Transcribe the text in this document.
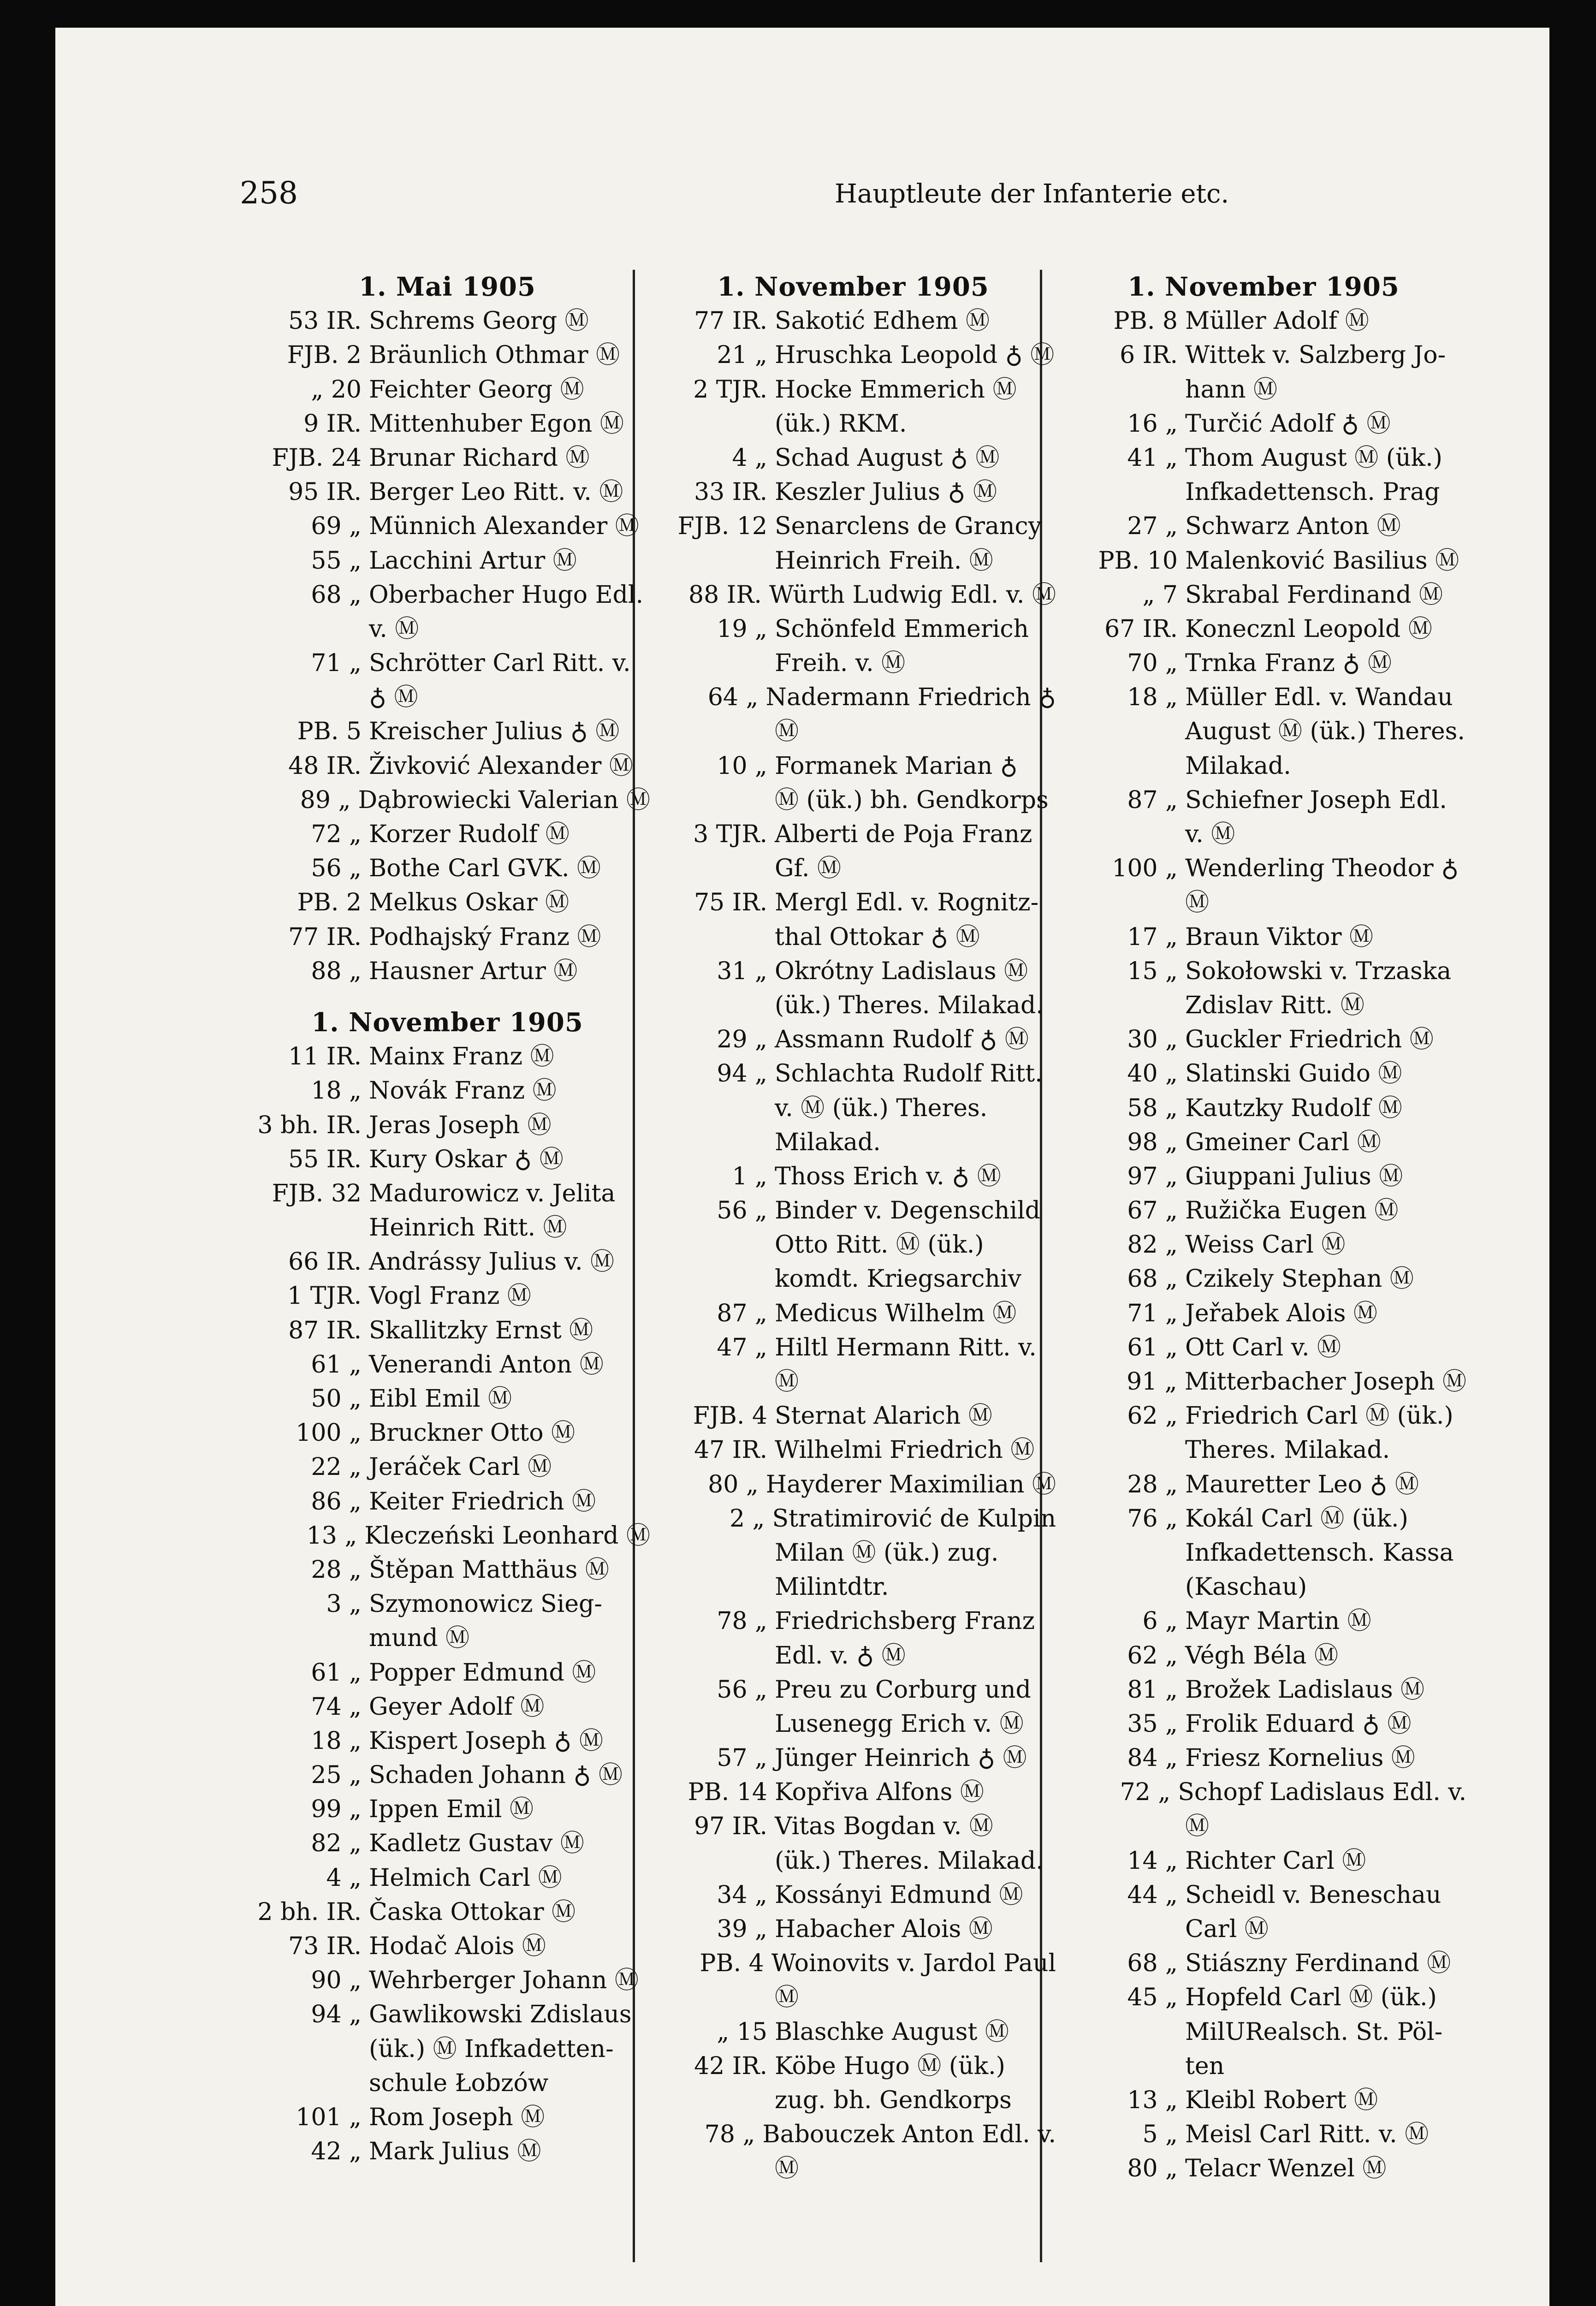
258	Hauptleute der Infanterie etc.
1. Mai 1905
53 IR. Schrems Georg Ⓜ
FJB. 2 Bräunlich Othmar Ⓜ
„ 20 Feichter Georg Ⓜ
9 IR. Mittenhuber Egon Ⓜ
FJB. 24 Brunar Richard Ⓜ
95 IR. Berger Leo Ritt. v. Ⓜ
69 „ Münnich Alexander Ⓜ
55 „ Lacchini Artur Ⓜ
68 „ Oberbacher Hugo Edl.
v. Ⓜ
71 „ Schrötter Carl Ritt. v.
♁ Ⓜ
PB. 5 Kreischer Julius ♁ Ⓜ
48 IR. Živković Alexander Ⓜ
89 „ Dąbrowiecki Valerian Ⓜ
72 „ Korzer Rudolf Ⓜ
56 „ Bothe Carl GVK. Ⓜ
PB. 2 Melkus Oskar Ⓜ
77 IR. Podhajský Franz Ⓜ
88 „ Hausner Artur Ⓜ
1. November 1905
11 IR. Mainx Franz Ⓜ
18 „ Novák Franz Ⓜ
3 bh. IR. Jeras Joseph Ⓜ
55 IR. Kury Oskar ♁ Ⓜ
FJB. 32 Madurowicz v. Jelita
Heinrich Ritt. Ⓜ
66 IR. Andrássy Julius v. Ⓜ
1 TJR. Vogl Franz Ⓜ
87 IR. Skallitzky Ernst Ⓜ
61 „ Venerandi Anton Ⓜ
50 „ Eibl Emil Ⓜ
100 „ Bruckner Otto Ⓜ
22 „ Jeráček Carl Ⓜ
86 „ Keiter Friedrich Ⓜ
13 „ Kleczeński Leonhard Ⓜ
28 „ Štěpan Matthäus Ⓜ
3 „ Szymonowicz Sieg-
mund Ⓜ
61 „ Popper Edmund Ⓜ
74 „ Geyer Adolf Ⓜ
18 „ Kispert Joseph ♁ Ⓜ
25 „ Schaden Johann ♁ Ⓜ
99 „ Ippen Emil Ⓜ
82 „ Kadletz Gustav Ⓜ
4 „ Helmich Carl Ⓜ
2 bh. IR. Časka Ottokar Ⓜ
73 IR. Hodač Alois Ⓜ
90 „ Wehrberger Johann Ⓜ
94 „ Gawlikowski Zdislaus
(ük.) Ⓜ Infkadetten-
schule Łobzów
101 „ Rom Joseph Ⓜ
42 „ Mark Julius Ⓜ
1. November 1905
77 IR. Sakotić Edhem Ⓜ
21 „ Hruschka Leopold ♁ Ⓜ
2 TJR. Hocke Emmerich Ⓜ
(ük.) RKM.
4 „ Schad August ♁ Ⓜ
33 IR. Keszler Julius ♁ Ⓜ
FJB. 12 Senarclens de Grancy
Heinrich Freih. Ⓜ
88 IR. Würth Ludwig Edl. v. Ⓜ
19 „ Schönfeld Emmerich
Freih. v. Ⓜ
64 „ Nadermann Friedrich ♁
Ⓜ
10 „ Formanek Marian ♁
Ⓜ (ük.) bh. Gendkorps
3 TJR. Alberti de Poja Franz
Gf. Ⓜ
75 IR. Mergl Edl. v. Rognitz-
thal Ottokar ♁ Ⓜ
31 „ Okrótny Ladislaus Ⓜ
(ük.) Theres. Milakad.
29 „ Assmann Rudolf ♁ Ⓜ
94 „ Schlachta Rudolf Ritt.
v. Ⓜ (ük.) Theres.
Milakad.
1 „ Thoss Erich v. ♁ Ⓜ
56 „ Binder v. Degenschild
Otto Ritt. Ⓜ (ük.)
komdt. Kriegsarchiv
87 „ Medicus Wilhelm Ⓜ
47 „ Hiltl Hermann Ritt. v.
Ⓜ
FJB. 4 Sternat Alarich Ⓜ
47 IR. Wilhelmi Friedrich Ⓜ
80 „ Hayderer Maximilian Ⓜ
2 „ Stratimirović de Kulpin
Milan Ⓜ (ük.) zug.
Milintdtr.
78 „ Friedrichsberg Franz
Edl. v. ♁ Ⓜ
56 „ Preu zu Corburg und
Lusenegg Erich v. Ⓜ
57 „ Jünger Heinrich ♁ Ⓜ
PB. 14 Kopřiva Alfons Ⓜ
97 IR. Vitas Bogdan v. Ⓜ
(ük.) Theres. Milakad.
34 „ Kossányi Edmund Ⓜ
39 „ Habacher Alois Ⓜ
PB. 4 Woinovits v. Jardol Paul
Ⓜ
„ 15 Blaschke August Ⓜ
42 IR. Köbe Hugo Ⓜ (ük.)
zug. bh. Gendkorps
78 „ Babouczek Anton Edl. v.
Ⓜ
1. November 1905
PB. 8 Müller Adolf Ⓜ
6 IR. Wittek v. Salzberg Jo-
hann Ⓜ
16 „ Turčić Adolf ♁ Ⓜ
41 „ Thom August Ⓜ (ük.)
Infkadettensch. Prag
27 „ Schwarz Anton Ⓜ
PB. 10 Malenković Basilius Ⓜ
„ 7 Skrabal Ferdinand Ⓜ
67 IR. Konecznl Leopold Ⓜ
70 „ Trnka Franz ♁ Ⓜ
18 „ Müller Edl. v. Wandau
August Ⓜ (ük.) Theres.
Milakad.
87 „ Schiefner Joseph Edl.
v. Ⓜ
100 „ Wenderling Theodor ♁
Ⓜ
17 „ Braun Viktor Ⓜ
15 „ Sokołowski v. Trzaska
Zdislav Ritt. Ⓜ
30 „ Guckler Friedrich Ⓜ
40 „ Slatinski Guido Ⓜ
58 „ Kautzky Rudolf Ⓜ
98 „ Gmeiner Carl Ⓜ
97 „ Giuppani Julius Ⓜ
67 „ Ružička Eugen Ⓜ
82 „ Weiss Carl Ⓜ
68 „ Czikely Stephan Ⓜ
71 „ Jeřabek Alois Ⓜ
61 „ Ott Carl v. Ⓜ
91 „ Mitterbacher Joseph Ⓜ
62 „ Friedrich Carl Ⓜ (ük.)
Theres. Milakad.
28 „ Mauretter Leo ♁ Ⓜ
76 „ Kokál Carl Ⓜ (ük.)
Infkadettensch. Kassa
(Kaschau)
6 „ Mayr Martin Ⓜ
62 „ Végh Béla Ⓜ
81 „ Brožek Ladislaus Ⓜ
35 „ Frolik Eduard ♁ Ⓜ
84 „ Friesz Kornelius Ⓜ
72 „ Schopf Ladislaus Edl. v.
Ⓜ
14 „ Richter Carl Ⓜ
44 „ Scheidl v. Beneschau
Carl Ⓜ
68 „ Stiászny Ferdinand Ⓜ
45 „ Hopfeld Carl Ⓜ (ük.)
MilURealsch. St. Pöl-
ten
13 „ Kleibl Robert Ⓜ
5 „ Meisl Carl Ritt. v. Ⓜ
80 „ Telacr Wenzel Ⓜ
